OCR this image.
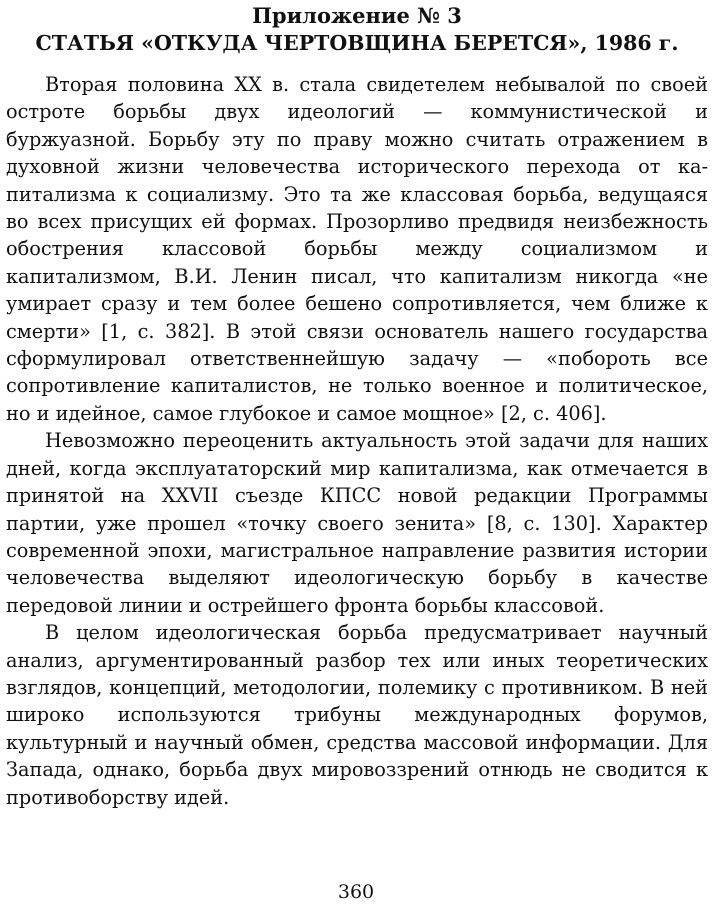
Приложение № 3
СТАТЬЯ «ОТКУДА ЧЕРТОВЩИНА БЕРЕТСЯ», 1986 г.

Вторая половина XX в. стала свидетелем небывалой по своей остроте борьбы двух идеологий — коммунистической и буржуазной. Борьбу эту по праву можно считать отражением в духовной жизни человечества исторического перехода от ка-питализма к социализму. Это та же классовая борьба, ведущаяся во всех присущих ей формах. Прозорливо предвидя неизбежность обострения классовой борьбы между социализмом и капитализмом, В.И. Ленин писал, что капитализм никогда «не умирает сразу и тем более бешено сопротивляется, чем ближе к смерти» [1, с. 382]. В этой связи основатель нашего государства сформулировал ответственнейшую задачу — «побороть все сопротивление капиталистов, не только военное и политическое, но и идейное, самое глубокое и самое мощное» [2, с. 406].

Невозможно переоценить актуальность этой задачи для наших дней, когда эксплуататорский мир капитализма, как отмечается в принятой на XXVII съезде КПСС новой редакции Программы партии, уже прошел «точку своего зенита» [8, с. 130]. Характер современной эпохи, магистральное направление развития истории человечества выделяют идеологическую борьбу в качестве передовой линии и острейшего фронта борьбы классовой.

В целом идеологическая борьба предусматривает научный анализ, аргументированный разбор тех или иных теоретических взглядов, концепций, методологии, полемику с противником. В ней широко используются трибуны международных форумов, культурный и научный обмен, средства массовой информации. Для Запада, однако, борьба двух мировоззрений отнюдь не сводится к противоборству идей.

360
